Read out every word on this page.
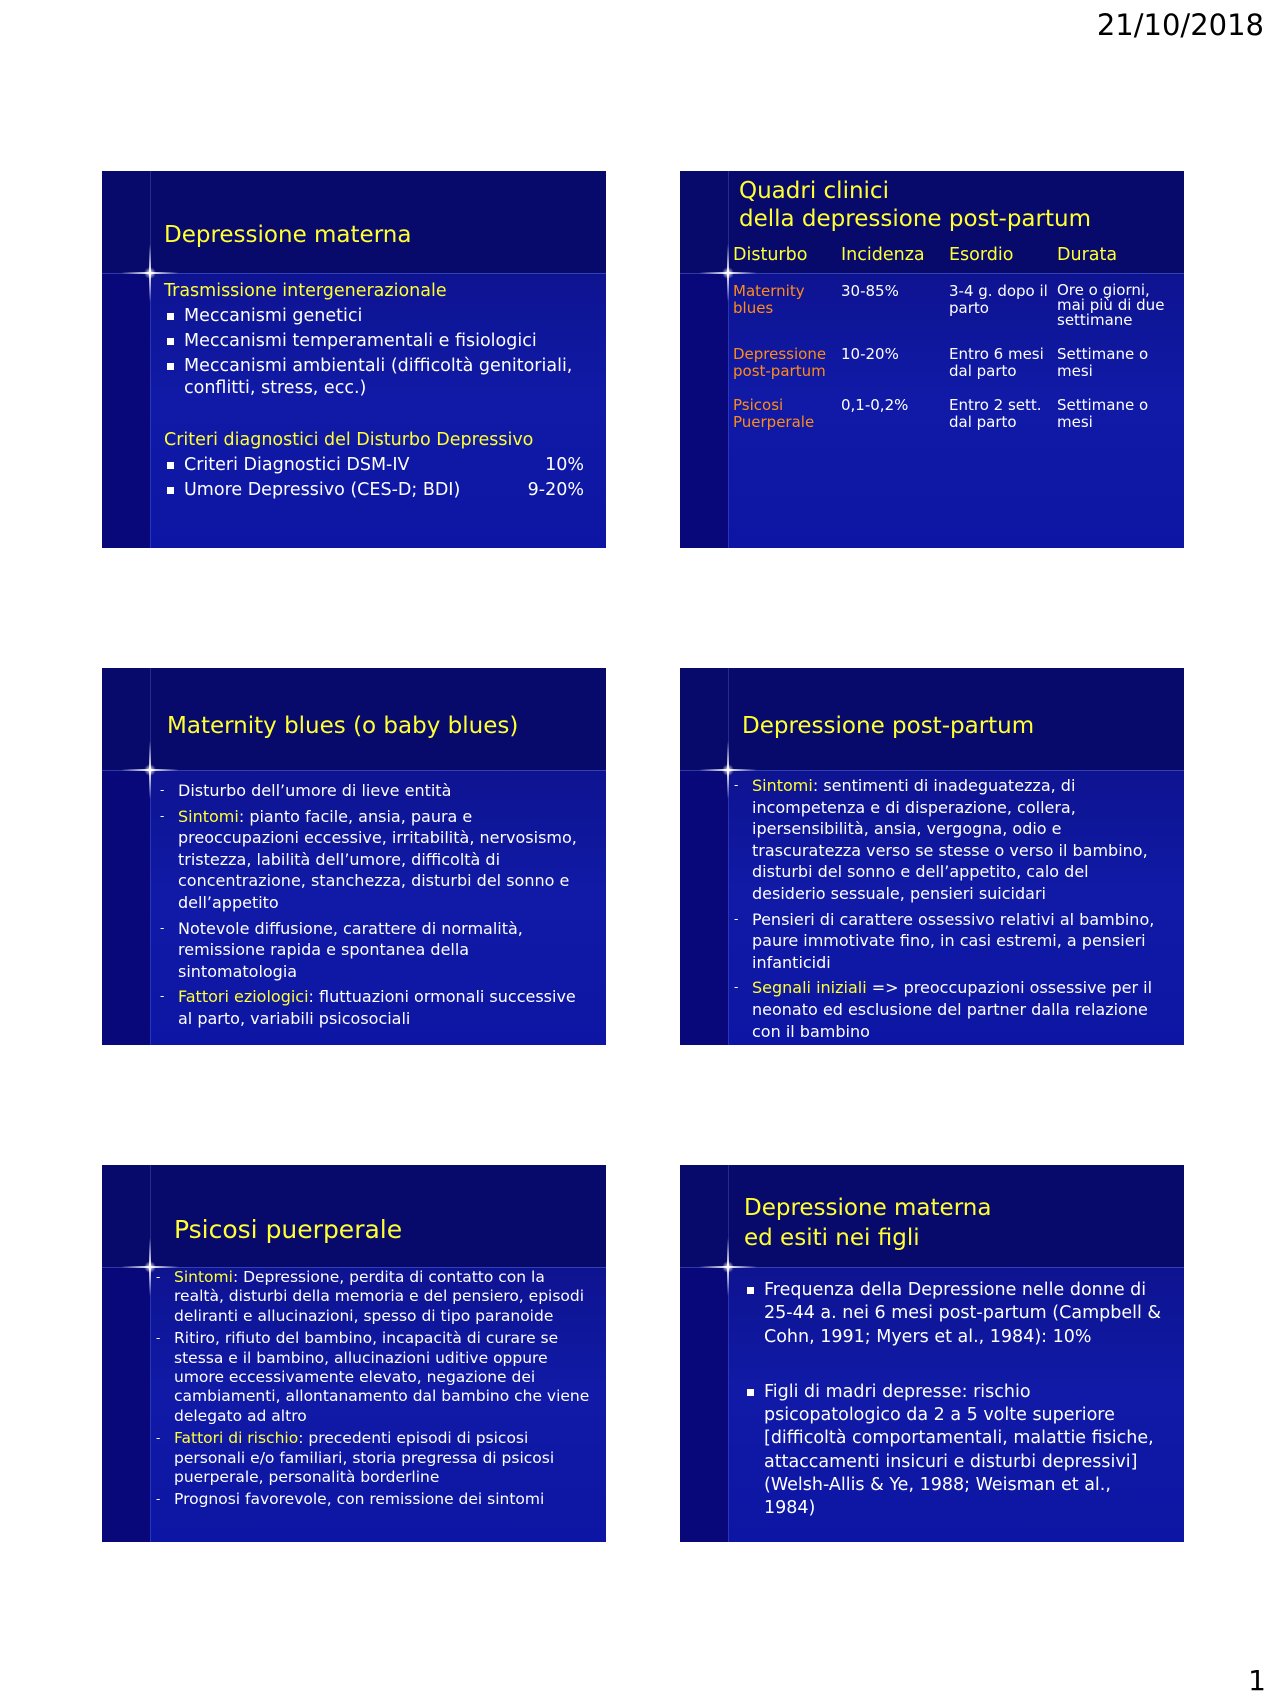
21/10/2018
Depressione materna

Trasmissione intergenerazionale

Meccanismi genetici
Meccanismi temperamentali e fisiologici
Meccanismi ambientali (difficoltà genitoriali, conflitti, stress, ecc.)

Criteri diagnostici del Disturbo Depressivo

Criteri Diagnostici DSM-IV	10%
Umore Depressivo (CES-D; BDI)	9-20%
Quadri clinici
della depressione post-partum
Disturbo	Incidenza	Esordio	Durata
Maternity blues	30-85%	3-4 g. dopo il parto	Ore o giorni, mai più di due settimane
Depressione post-partum	10-20%	Entro 6 mesi dal parto	Settimane o mesi
Psicosi Puerperale	0,1-0,2%	Entro 2 sett. dal parto	Settimane o mesi
Maternity blues (o baby blues)
- Disturbo dell’umore di lieve entità
- Sintomi: pianto facile, ansia, paura e preoccupazioni eccessive, irritabilità, nervosismo, tristezza, labilità dell’umore, difficoltà di concentrazione, stanchezza, disturbi del sonno e dell’appetito
- Notevole diffusione, carattere di normalità, remissione rapida e spontanea della sintomatologia
- Fattori eziologici: fluttuazioni ormonali successive al parto, variabili psicosociali
Depressione post-partum
- Sintomi: sentimenti di inadeguatezza, di incompetenza e di disperazione, collera, ipersensibilità, ansia, vergogna, odio e trascuratezza verso se stesse o verso il bambino, disturbi del sonno e dell’appetito, calo del desiderio sessuale, pensieri suicidari
- Pensieri di carattere ossessivo relativi al bambino, paure immotivate fino, in casi estremi, a pensieri infanticidi
- Segnali iniziali => preoccupazioni ossessive per il neonato ed esclusione del partner dalla relazione con il bambino
Psicosi puerperale
- Sintomi: Depressione, perdita di contatto con la realtà, disturbi della memoria e del pensiero, episodi deliranti e allucinazioni, spesso di tipo paranoide
- Ritiro, rifiuto del bambino, incapacità di curare se stessa e il bambino, allucinazioni uditive oppure umore eccessivamente elevato, negazione dei cambiamenti, allontanamento dal bambino che viene delegato ad altro
- Fattori di rischio: precedenti episodi di psicosi personali e/o familiari, storia pregressa di psicosi puerperale, personalità borderline
- Prognosi favorevole, con remissione dei sintomi
Depressione materna
ed esiti nei figli
Frequenza della Depressione nelle donne di 25-44 a. nei 6 mesi post-partum (Campbell & Cohn, 1991; Myers et al., 1984): 10%
Figli di madri depresse: rischio psicopatologico da 2 a 5 volte superiore [difficoltà comportamentali, malattie fisiche, attaccamenti insicuri e disturbi depressivi] (Welsh-Allis & Ye, 1988; Weisman et al., 1984)
1
